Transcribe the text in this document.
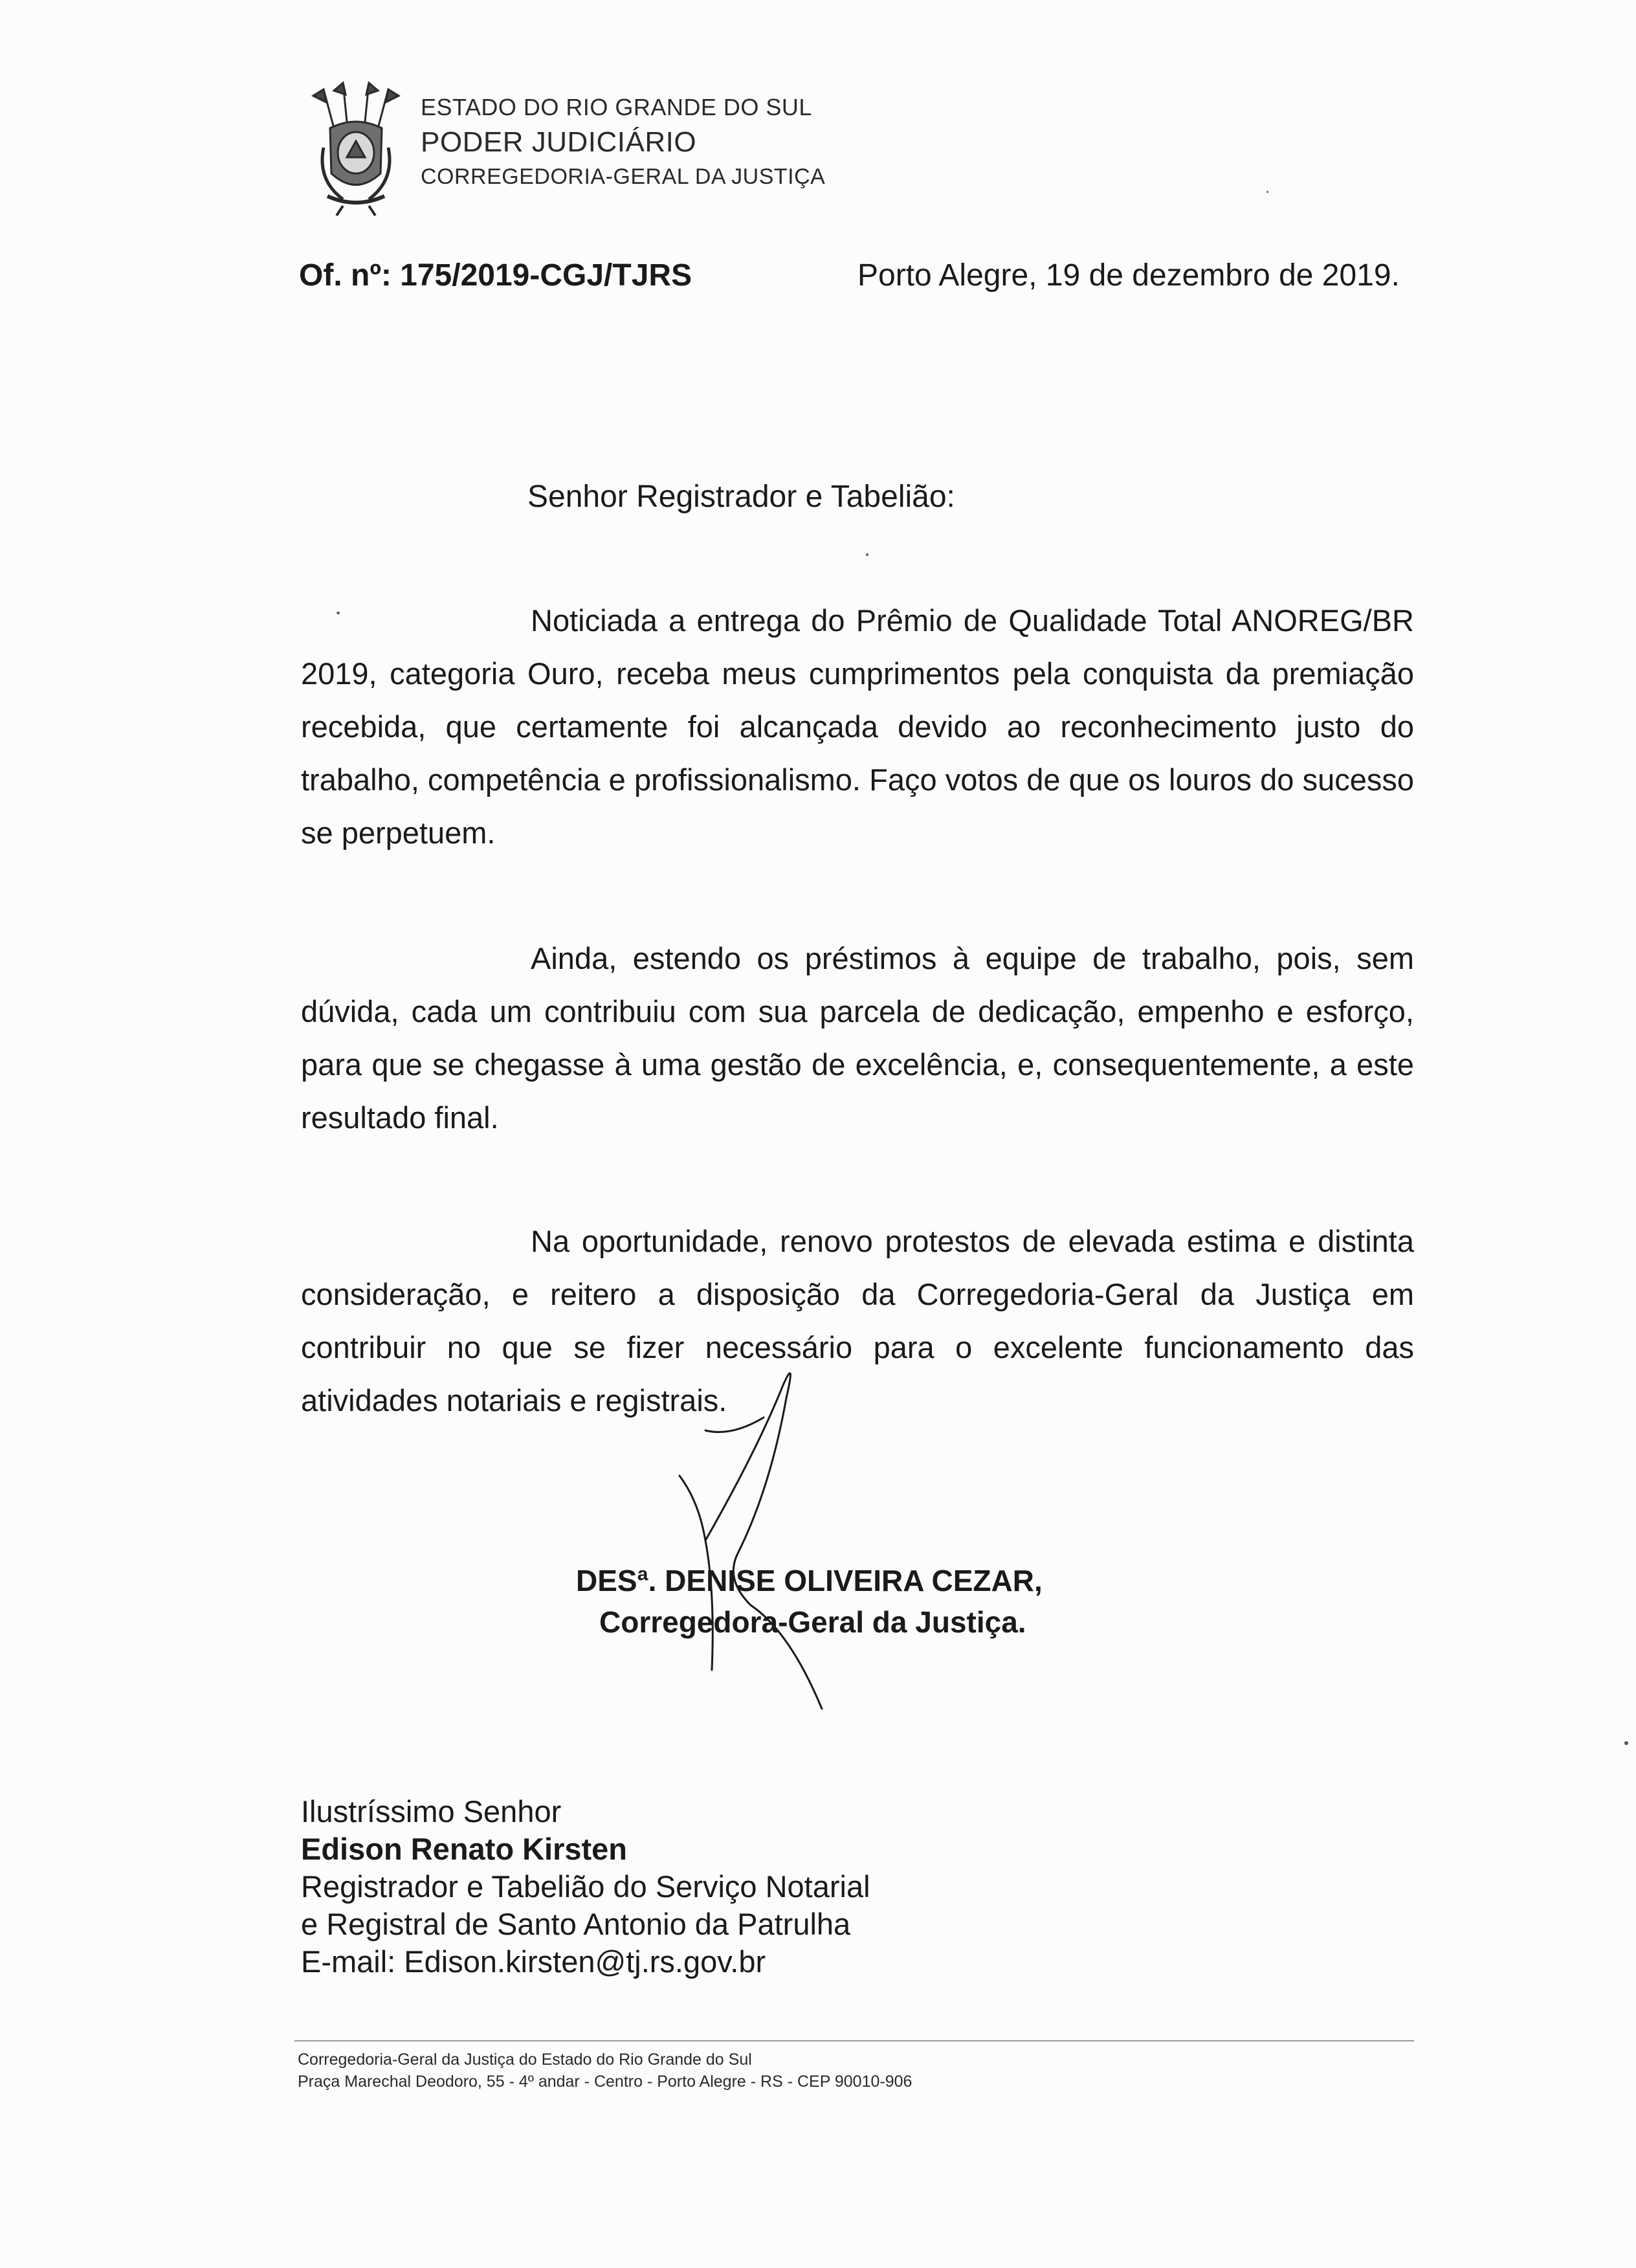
ESTADO DO RIO GRANDE DO SUL
PODER JUDICIÁRIO
CORREGEDORIA-GERAL DA JUSTIÇA
Of. nº: 175/2019-CGJ/TJRS	Porto Alegre, 19 de dezembro de 2019.
Senhor Registrador e Tabelião:

Noticiada a entrega do Prêmio de Qualidade Total ANOREG/BR 2019, categoria Ouro, receba meus cumprimentos pela conquista da premiação recebida, que certamente foi alcançada devido ao reconhecimento justo do trabalho, competência e profissionalismo. Faço votos de que os louros do sucesso se perpetuem.

Ainda, estendo os préstimos à equipe de trabalho, pois, sem dúvida, cada um contribuiu com sua parcela de dedicação, empenho e esforço, para que se chegasse à uma gestão de excelência, e, consequentemente, a este resultado final.

Na oportunidade, renovo protestos de elevada estima e distinta consideração, e reitero a disposição da Corregedoria-Geral da Justiça em contribuir no que se fizer necessário para o excelente funcionamento das atividades notariais e registrais.

DESª. DENISE OLIVEIRA CEZAR,
Corregedora-Geral da Justiça.
Ilustríssimo Senhor
Edison Renato Kirsten
Registrador e Tabelião do Serviço Notarial
e Registral de Santo Antonio da Patrulha
E-mail: Edison.kirsten@tj.rs.gov.br
Corregedoria-Geral da Justiça do Estado do Rio Grande do Sul
Praça Marechal Deodoro, 55 - 4º andar - Centro - Porto Alegre - RS - CEP 90010-906
